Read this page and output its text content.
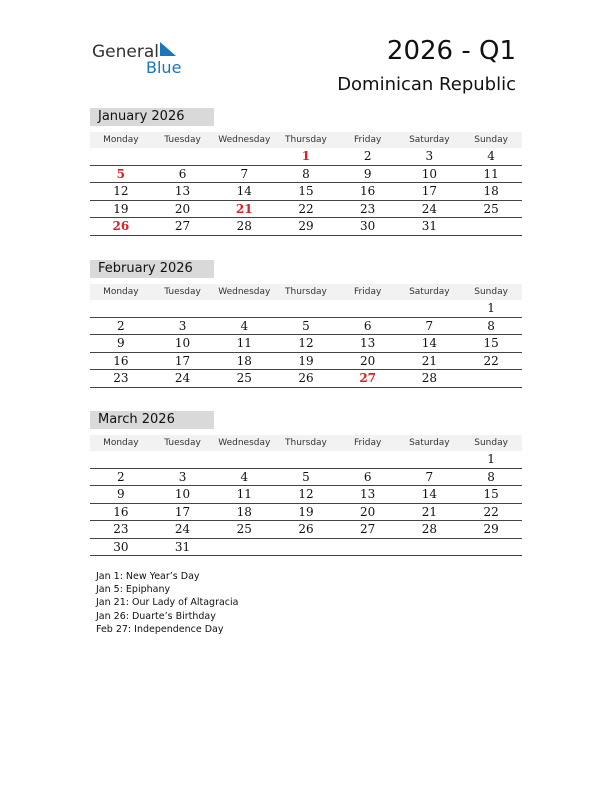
General
Blue
2026 - Q1
Dominican Republic
January 2026
Monday	Tuesday	Wednesday	Thursday	Friday	Saturday	Sunday
			1	2	3	4
5	6	7	8	9	10	11
12	13	14	15	16	17	18
19	20	21	22	23	24	25
26	27	28	29	30	31	
February 2026
Monday	Tuesday	Wednesday	Thursday	Friday	Saturday	Sunday
						1
2	3	4	5	6	7	8
9	10	11	12	13	14	15
16	17	18	19	20	21	22
23	24	25	26	27	28	
March 2026
Monday	Tuesday	Wednesday	Thursday	Friday	Saturday	Sunday
						1
2	3	4	5	6	7	8
9	10	11	12	13	14	15
16	17	18	19	20	21	22
23	24	25	26	27	28	29
30	31					
Jan 1: New Year’s Day
Jan 5: Epiphany
Jan 21: Our Lady of Altagracia
Jan 26: Duarte’s Birthday
Feb 27: Independence Day
